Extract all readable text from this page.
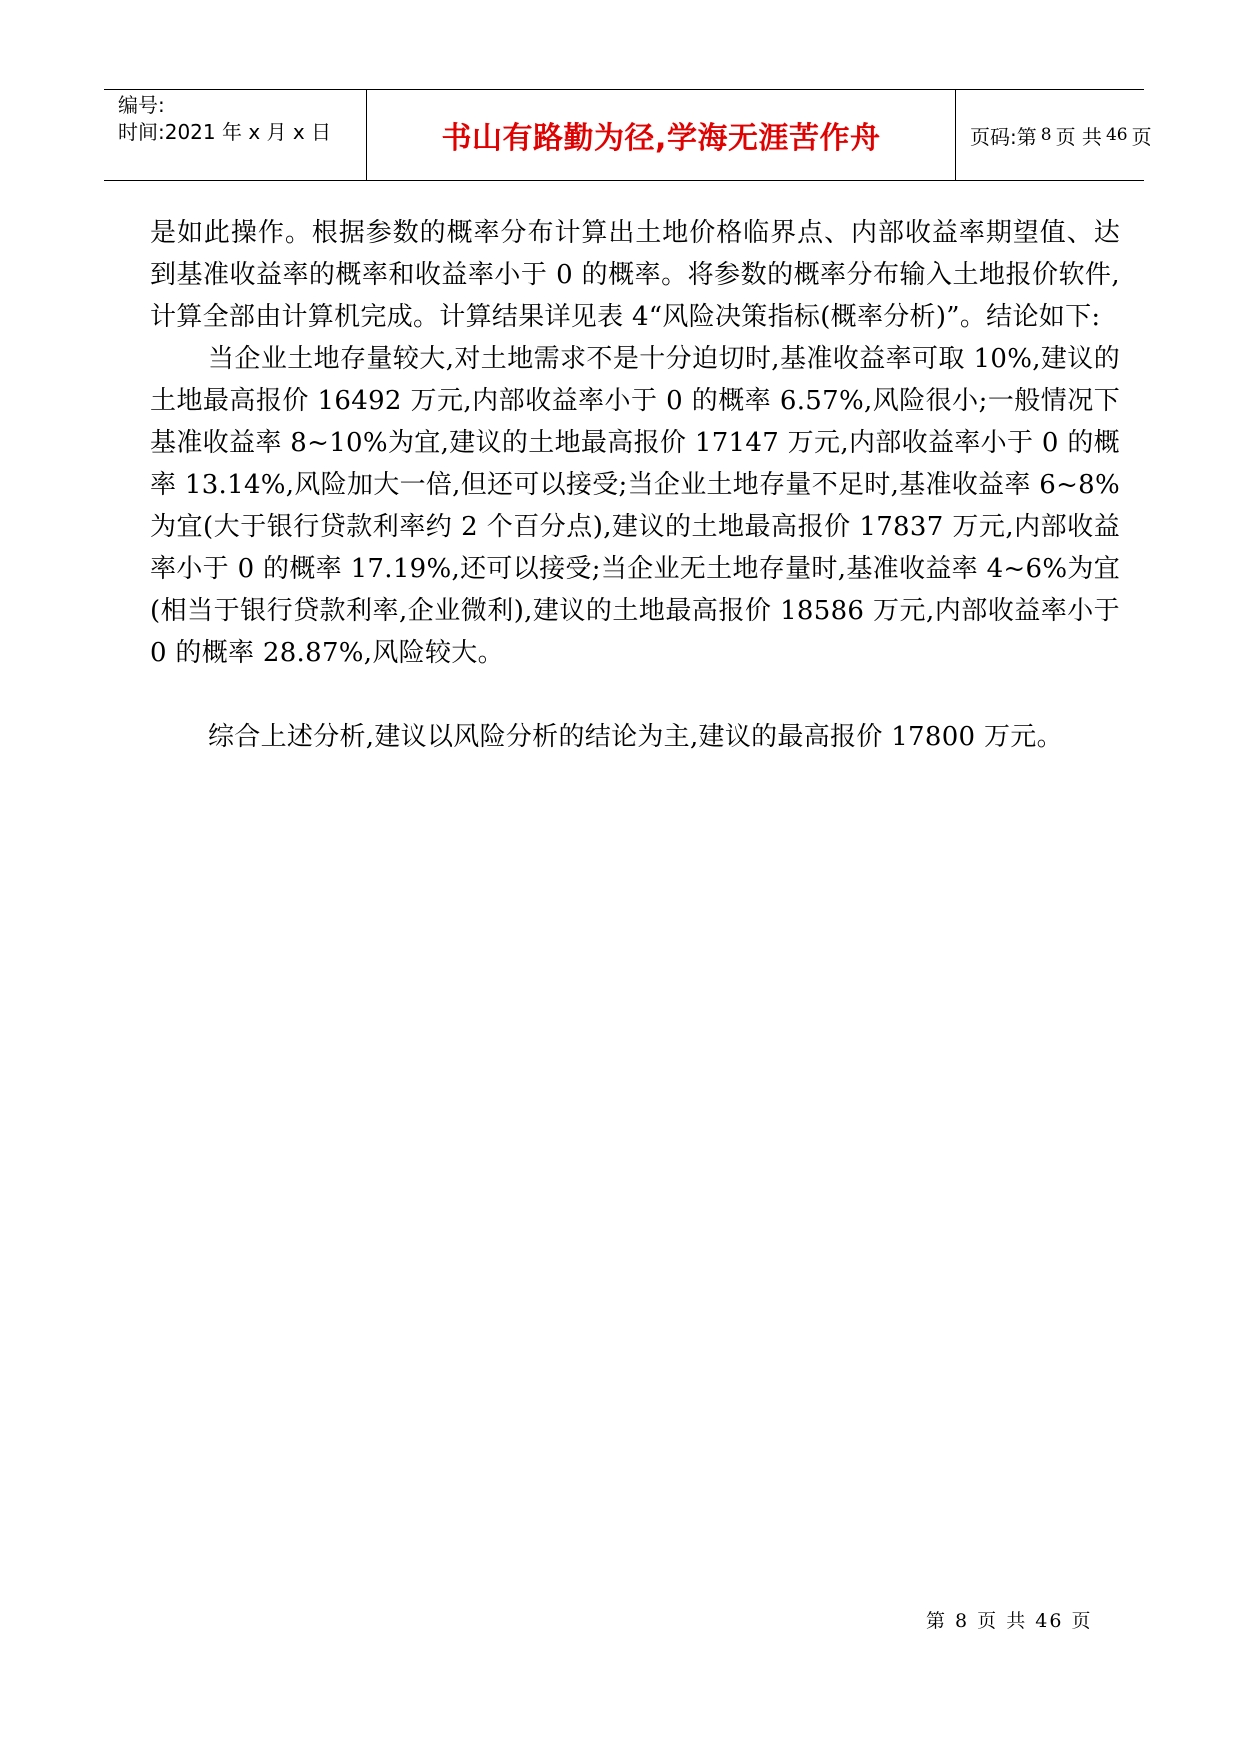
编号:
时间:2021 年 x 月 x 日	书山有路勤为径,学海无涯苦作舟	页码:第 8 页 共 46 页

是如此操作。根据参数的概率分布计算出土地价格临界点、内部收益率期望值、达到基准收益率的概率和收益率小于 0 的概率。将参数的概率分布输入土地报价软件,计算全部由计算机完成。计算结果详见表 4“风险决策指标(概率分析)”。结论如下:

当企业土地存量较大,对土地需求不是十分迫切时,基准收益率可取 10%,建议的土地最高报价 16492 万元,内部收益率小于 0 的概率 6.57%,风险很小;一般情况下基准收益率 8~10%为宜,建议的土地最高报价 17147 万元,内部收益率小于 0 的概率 13.14%,风险加大一倍,但还可以接受;当企业土地存量不足时,基准收益率 6~8%为宜(大于银行贷款利率约 2 个百分点),建议的土地最高报价 17837 万元,内部收益率小于 0 的概率 17.19%,还可以接受;当企业无土地存量时,基准收益率 4~6%为宜(相当于银行贷款利率,企业微利),建议的土地最高报价 18586 万元,内部收益率小于 0 的概率 28.87%,风险较大。

综合上述分析,建议以风险分析的结论为主,建议的最高报价 17800 万元。

第 8 页 共 46 页
